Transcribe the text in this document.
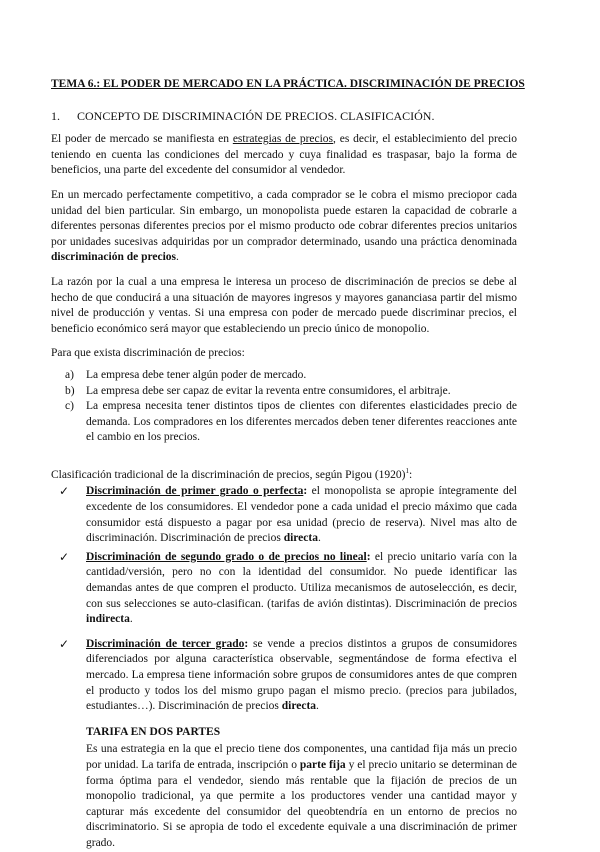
TEMA 6.: EL PODER DE MERCADO EN LA PRÁCTICA. DISCRIMINACIÓN DE PRECIOS
1. CONCEPTO DE DISCRIMINACIÓN DE PRECIOS. CLASIFICACIÓN.

El poder de mercado se manifiesta en estrategias de precios, es decir, el establecimiento del precio teniendo en cuenta las condiciones del mercado y cuya finalidad es traspasar, bajo la forma de beneficios, una parte del excedente del consumidor al vendedor.

En un mercado perfectamente competitivo, a cada comprador se le cobra el mismo preciopor cada unidad del bien particular. Sin embargo, un monopolista puede estaren la capacidad de cobrarle a diferentes personas diferentes precios por el mismo producto ode cobrar diferentes precios unitarios por unidades sucesivas adquiridas por un comprador determinado, usando una práctica denominada discriminación de precios.

La razón por la cual a una empresa le interesa un proceso de discriminación de precios se debe al hecho de que conducirá a una situación de mayores ingresos y mayores gananciasa partir del mismo nivel de producción y ventas. Si una empresa con poder de mercado puede discriminar precios, el beneficio económico será mayor que estableciendo un precio único de monopolio.

Para que exista discriminación de precios:

a) La empresa debe tener algún poder de mercado.
b) La empresa debe ser capaz de evitar la reventa entre consumidores, el arbitraje.
c) La empresa necesita tener distintos tipos de clientes con diferentes elasticidades precio de demanda. Los compradores en los diferentes mercados deben tener diferentes reacciones ante el cambio en los precios.

Clasificación tradicional de la discriminación de precios, según Pigou $(1920)^1$:

✓ Discriminación de primer grado o perfecta: el monopolista se apropie íntegramente del excedente de los consumidores. El vendedor pone a cada unidad el precio máximo que cada consumidor está dispuesto a pagar por esa unidad (precio de reserva). Nivel mas alto de discriminación. Discriminación de precios directa.
✓ Discriminación de segundo grado o de precios no lineal: el precio unitario varía con la cantidad/versión, pero no con la identidad del consumidor. No puede identificar las demandas antes de que compren el producto. Utiliza mecanismos de autoselección, es decir, con sus selecciones se auto-clasifican. (tarifas de avión distintas). Discriminación de precios indirecta.
✓ Discriminación de tercer grado: se vende a precios distintos a grupos de consumidores diferenciados por alguna característica observable, segmentándose de forma efectiva el mercado. La empresa tiene información sobre grupos de consumidores antes de que compren el producto y todos los del mismo grupo pagan el mismo precio. (precios para jubilados, estudiantes…). Discriminación de precios directa.
TARIFA EN DOS PARTES

Es una estrategia en la que el precio tiene dos componentes, una cantidad fija más un precio por unidad. La tarifa de entrada, inscripción o parte fija y el precio unitario se determinan de forma óptima para el vendedor, siendo más rentable que la fijación de precios de un monopolio tradicional, ya que permite a los productores vender una cantidad mayor y capturar más excedente del consumidor del queobtendría en un entorno de precios no discriminatorio. Si se apropia de todo el excedente equivale a una discriminación de primer grado.
